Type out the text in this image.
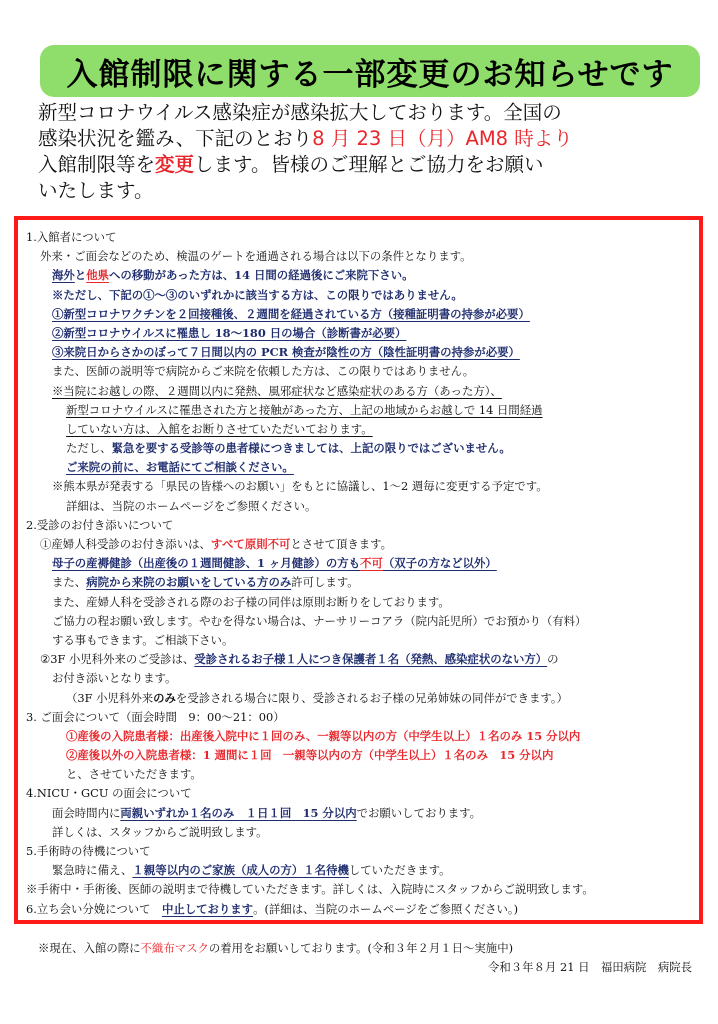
入館制限に関する一部変更のお知らせです
新型コロナウイルス感染症が感染拡大しております。全国の
感染状況を鑑み、下記のとおり8 月 23 日（月）AM8 時より
入館制限等を変更します。皆様のご理解とご協力をお願い
いたします。
1.入館者について
外来・ご面会などのため、検温のゲートを通過される場合は以下の条件となります。
海外と他県への移動があった方は、14 日間の経過後にご来院下さい。
※ただし、下記の①～③のいずれかに該当する方は、この限りではありません。
①新型コロナワクチンを２回接種後、２週間を経過されている方（接種証明書の持参が必要）
②新型コロナウイルスに罹患し 18～180 日の場合（診断書が必要）
③来院日からさかのぼって７日間以内の PCR 検査が陰性の方（陰性証明書の持参が必要）
また、医師の説明等で病院からご来院を依頼した方は、この限りではありません。
※当院にお越しの際、２週間以内に発熱、風邪症状など感染症状のある方（あった方）、
新型コロナウイルスに罹患された方と接触があった方、上記の地域からお越しで 14 日間経過
していない方は、入館をお断りさせていただいております。
ただし、緊急を要する受診等の患者様につきましては、上記の限りではございません。
ご来院の前に、お電話にてご相談ください。
※熊本県が発表する「県民の皆様へのお願い」をもとに協議し、1～2 週毎に変更する予定です。
詳細は、当院のホームページをご参照ください。
2.受診のお付き添いについて
①産婦人科受診のお付き添いは、すべて原則不可とさせて頂きます。
母子の産褥健診（出産後の１週間健診、1 ヶ月健診）の方も不可（双子の方など以外）
また、病院から来院のお願いをしている方のみ許可します。
また、産婦人科を受診される際のお子様の同伴は原則お断りをしております。
ご協力の程お願い致します。やむを得ない場合は、ナーサリーコアラ（院内託児所）でお預かり（有料）
する事もできます。ご相談下さい。
②3F 小児科外来のご受診は、受診されるお子様１人につき保護者１名（発熱、感染症状のない方）の
お付き添いとなります。
（3F 小児科外来のみを受診される場合に限り、受診されるお子様の兄弟姉妹の同伴ができます。）
3. ご面会について（面会時間　9：00～21：00）
①産後の入院患者様：出産後入院中に１回のみ、一親等以内の方（中学生以上）１名のみ 15 分以内
②産後以外の入院患者様：1 週間に１回　一親等以内の方（中学生以上）１名のみ　15 分以内
と、させていただきます。
4.NICU・GCU の面会について
面会時間内に両親いずれか１名のみ　１日１回　15 分以内でお願いしております。
詳しくは、スタッフからご説明致します。
5.手術時の待機について
緊急時に備え、１親等以内のご家族（成人の方）１名待機していただきます。
※手術中・手術後、医師の説明まで待機していただきます。詳しくは、入院時にスタッフからご説明致します。
6.立ち会い分娩について　中止しております。(詳細は、当院のホームページをご参照ください。)
※現在、入館の際に不織布マスクの着用をお願いしております。(令和３年２月１日～実施中)
令和３年８月 21 日　福田病院　病院長
